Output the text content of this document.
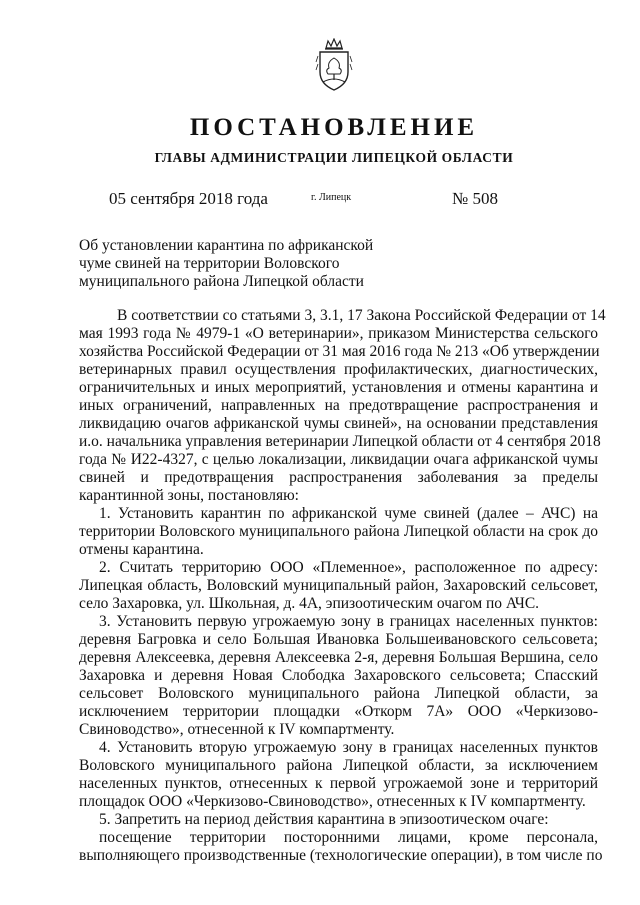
ПОСТАНОВЛЕНИЕ
ГЛАВЫ АДМИНИСТРАЦИИ ЛИПЕЦКОЙ ОБЛАСТИ
05 сентября 2018 года	г. Липецк	№ 508
Об установлении карантина по африканской
чуме свиней на территории Воловского
муниципального района Липецкой области
В соответствии со статьями 3, 3.1, 17 Закона Российской Федерации от 14
мая 1993 года № 4979-1 «О ветеринарии», приказом Министерства сельского
хозяйства Российской Федерации от 31 мая 2016 года № 213 «Об утверждении
ветеринарных правил осуществления профилактических, диагностических,
ограничительных и иных мероприятий, установления и отмены карантина и
иных ограничений, направленных на предотвращение распространения и
ликвидацию очагов африканской чумы свиней», на основании представления
и.о. начальника управления ветеринарии Липецкой области от 4 сентября 2018
года № И22-4327, с целью локализации, ликвидации очага африканской чумы
свиней и предотвращения распространения заболевания за пределы
карантинной зоны, постановляю:
1. Установить карантин по африканской чуме свиней (далее – АЧС) на
территории Воловского муниципального района Липецкой области на срок до
отмены карантина.
2. Считать территорию ООО «Племенное», расположенное по адресу:
Липецкая область, Воловский муниципальный район, Захаровский сельсовет,
село Захаровка, ул. Школьная, д. 4А, эпизоотическим очагом по АЧС.
3. Установить первую угрожаемую зону в границах населенных пунктов:
деревня Багровка и село Большая Ивановка Большеивановского сельсовета;
деревня Алексеевка, деревня Алексеевка 2-я, деревня Большая Вершина, село
Захаровка и деревня Новая Слободка Захаровского сельсовета; Спасский
сельсовет Воловского муниципального района Липецкой области, за
исключением территории площадки «Откорм 7А» ООО «Черкизово-
Свиноводство», отнесенной к IV компартменту.
4. Установить вторую угрожаемую зону в границах населенных пунктов
Воловского муниципального района Липецкой области, за исключением
населенных пунктов, отнесенных к первой угрожаемой зоне и территорий
площадок ООО «Черкизово-Свиноводство», отнесенных к IV компартменту.
5. Запретить на период действия карантина в эпизоотическом очаге:
посещение территории посторонними лицами, кроме персонала,
выполняющего производственные (технологические операции), в том числе по
